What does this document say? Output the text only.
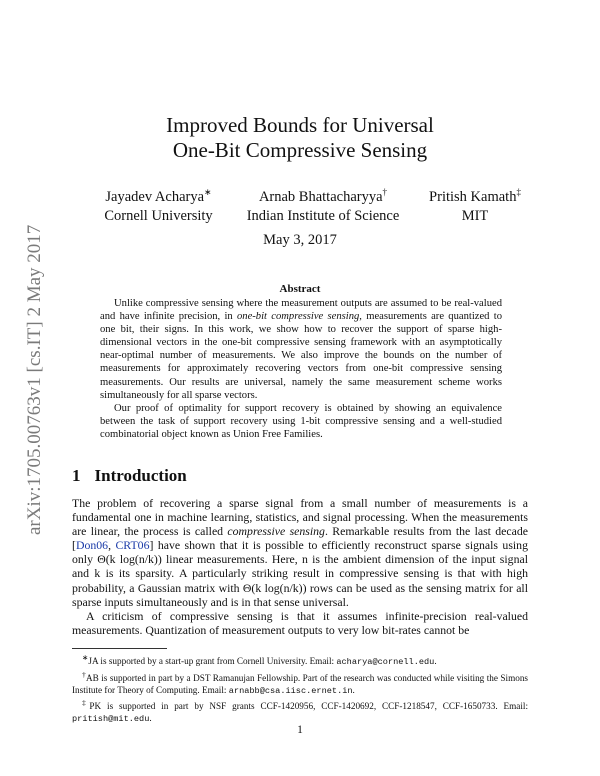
arXiv:1705.00763v1 [cs.IT] 2 May 2017
Improved Bounds for Universal
One-Bit Compressive Sensing
Jayadev Acharya∗
Cornell University
Arnab Bhattacharyya†
Indian Institute of Science
Pritish Kamath‡
MIT
May 3, 2017
Abstract

Unlike compressive sensing where the measurement outputs are assumed to be real-valued and have infinite precision, in one-bit compressive sensing, measurements are quantized to one bit, their signs. In this work, we show how to recover the support of sparse high-dimensional vectors in the one-bit compressive sensing framework with an asymptotically near-optimal number of measurements. We also improve the bounds on the number of measurements for approximately recovering vectors from one-bit compressive sensing measurements. Our results are universal, namely the same measurement scheme works simultaneously for all sparse vectors.

Our proof of optimality for support recovery is obtained by showing an equivalence between the task of support recovery using 1-bit compressive sensing and a well-studied combinatorial object known as Union Free Families.

1 Introduction

The problem of recovering a sparse signal from a small number of measurements is a fundamental one in machine learning, statistics, and signal processing. When the measurements are linear, the process is called compressive sensing. Remarkable results from the last decade [Don06, CRT06] have shown that it is possible to efficiently reconstruct sparse signals using only Θ(k log(n/k)) linear measurements. Here, n is the ambient dimension of the input signal and k is its sparsity. A particularly striking result in compressive sensing is that with high probability, a Gaussian matrix with Θ(k log(n/k)) rows can be used as the sensing matrix for all sparse inputs simultaneously and is in that sense universal.

A criticism of compressive sensing is that it assumes infinite-precision real-valued measurements. Quantization of measurement outputs to very low bit-rates cannot be

∗JA is supported by a start-up grant from Cornell University. Email: acharya@cornell.edu.

†AB is supported in part by a DST Ramanujan Fellowship. Part of the research was conducted while visiting the Simons Institute for Theory of Computing. Email: arnabb@csa.iisc.ernet.in.

‡PK is supported in part by NSF grants CCF-1420956, CCF-1420692, CCF-1218547, CCF-1650733. Email: pritish@mit.edu.

1
